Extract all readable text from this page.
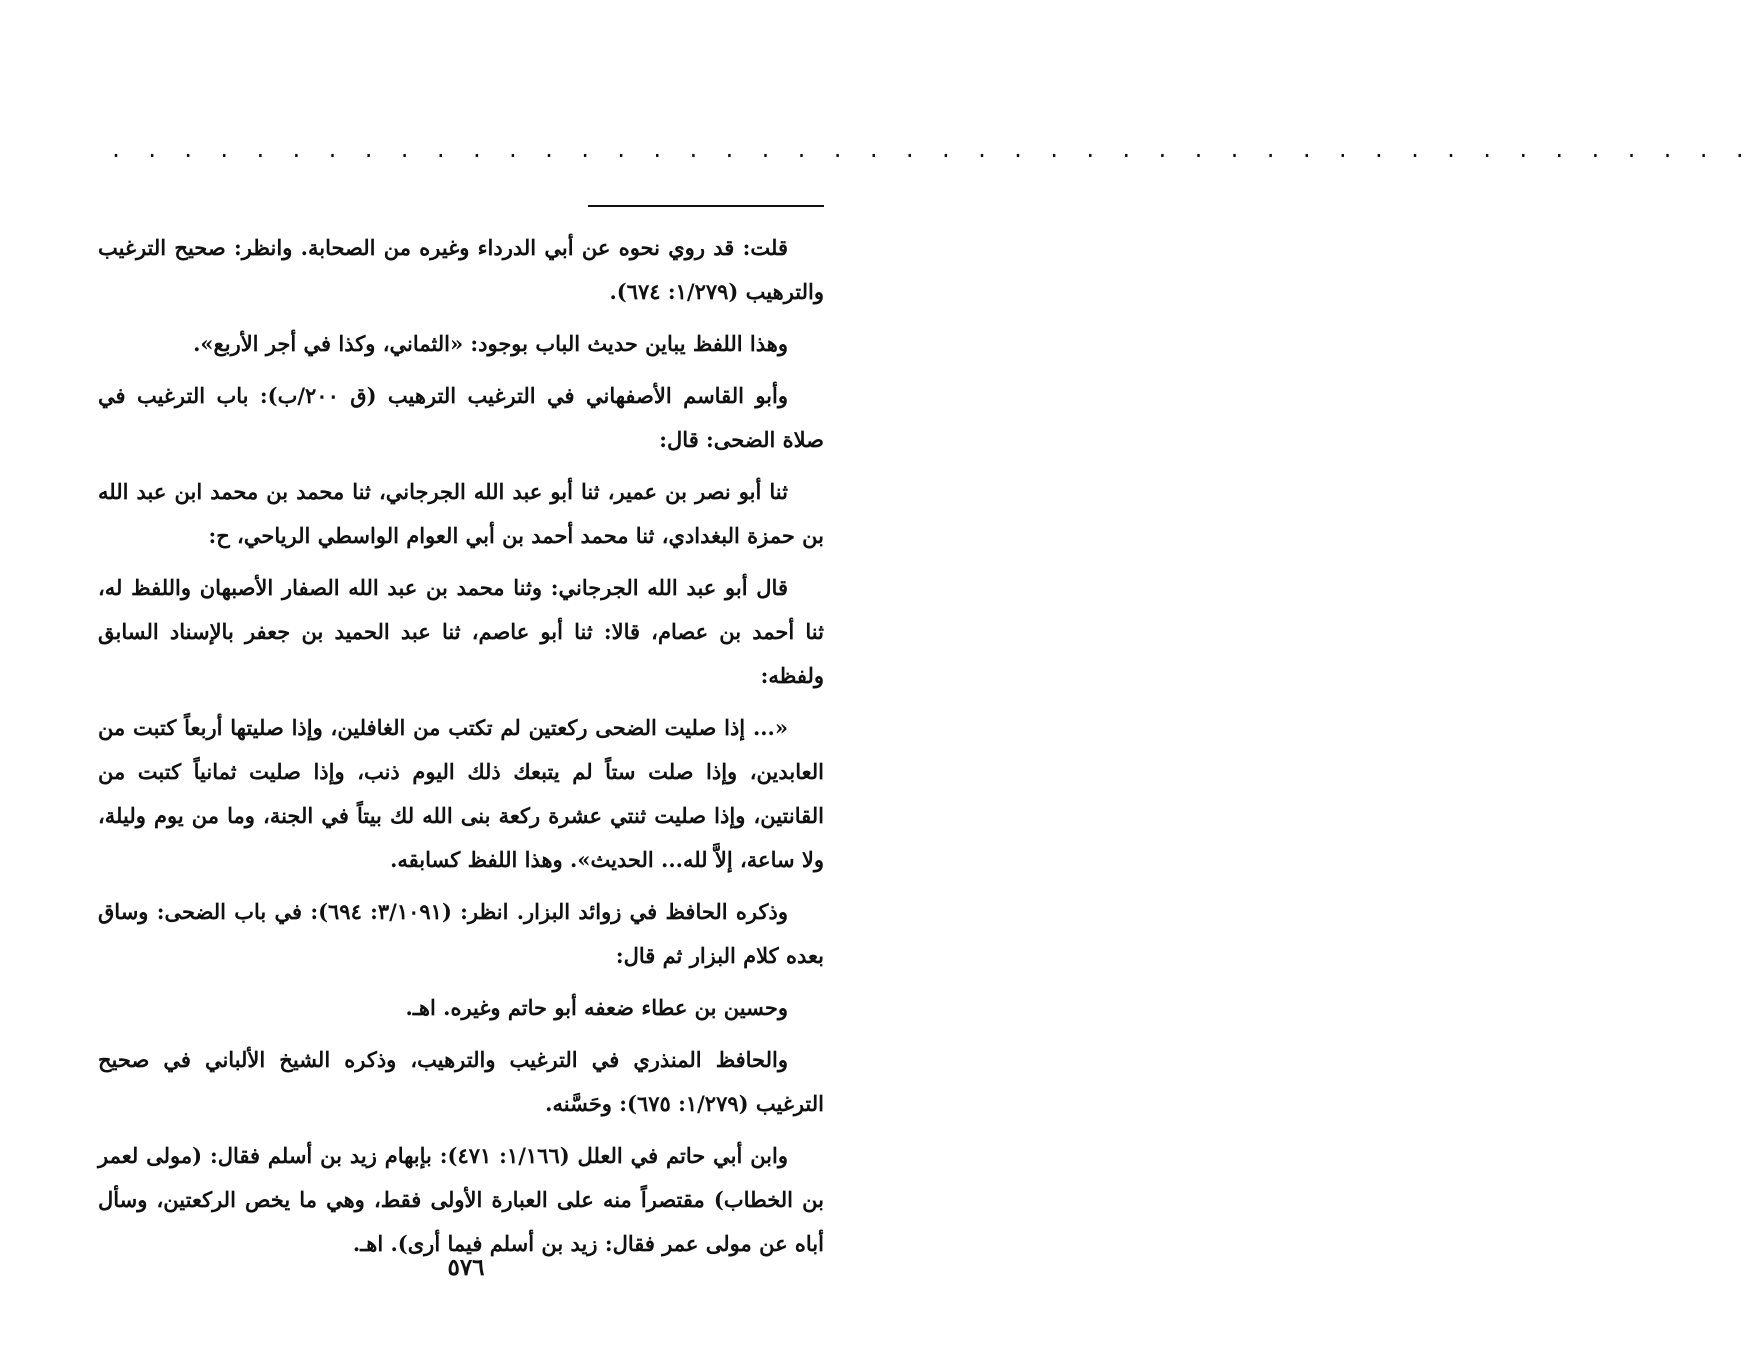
. . . . . . . . . . . . . . . . . . . . . . . . . . . . . . . . . . . . . . . . . . . . . .

قلت: قد روي نحوه عن أبي الدرداء وغيره من الصحابة. وانظر: صحيح الترغيب والترهيب (١/٢٧٩: ٦٧٤).

وهذا اللفظ يباين حديث الباب بوجود: «الثماني، وكذا في أجر الأربع».

وأبو القاسم الأصفهاني في الترغيب الترهيب (ق ٢٠٠/ب): باب الترغيب في صلاة الضحى: قال:

ثنا أبو نصر بن عمير، ثنا أبو عبد الله الجرجاني، ثنا محمد بن محمد ابن عبد الله بن حمزة البغدادي، ثنا محمد أحمد بن أبي العوام الواسطي الرياحي، ح:

قال أبو عبد الله الجرجاني: وثنا محمد بن عبد الله الصفار الأصبهان واللفظ له، ثنا أحمد بن عصام، قالا: ثنا أبو عاصم، ثنا عبد الحميد بن جعفر بالإسناد السابق ولفظه:

«... إذا صليت الضحى ركعتين لم تكتب من الغافلين، وإذا صليتها أربعاً كتبت من العابدين، وإذا صلت ستاً لم يتبعك ذلك اليوم ذنب، وإذا صليت ثمانياً كتبت من القانتين، وإذا صليت ثنتي عشرة ركعة بنى الله لك بيتاً في الجنة، وما من يوم وليلة، ولا ساعة، إلاَّ لله... الحديث». وهذا اللفظ كسابقه.

وذكره الحافظ في زوائد البزار. انظر: (٣/١٠٩١: ٦٩٤): في باب الضحى: وساق بعده كلام البزار ثم قال:

وحسين بن عطاء ضعفه أبو حاتم وغيره. اهـ.

والحافظ المنذري في الترغيب والترهيب، وذكره الشيخ الألباني في صحيح الترغيب (١/٢٧٩: ٦٧٥): وحَسَّنه.

وابن أبي حاتم في العلل (١/١٦٦: ٤٧١): بإبهام زيد بن أسلم فقال: (مولى لعمر بن الخطاب) مقتصراً منه على العبارة الأولى فقط، وهي ما يخص الركعتين، وسأل أباه عن مولى عمر فقال: زيد بن أسلم فيما أرى). اهـ.

٥٧٦
